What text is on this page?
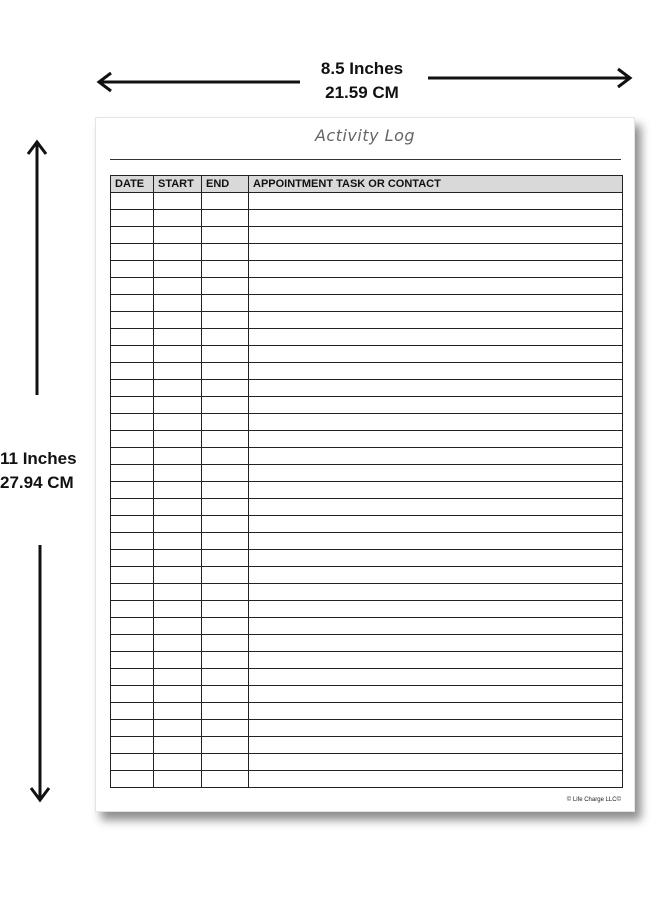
8.5 Inches
21.59 CM
11 Inches
27.94 CM
Activity Log
DATE	START	END	APPOINTMENT TASK OR CONTACT

© Life Charge LLC©
